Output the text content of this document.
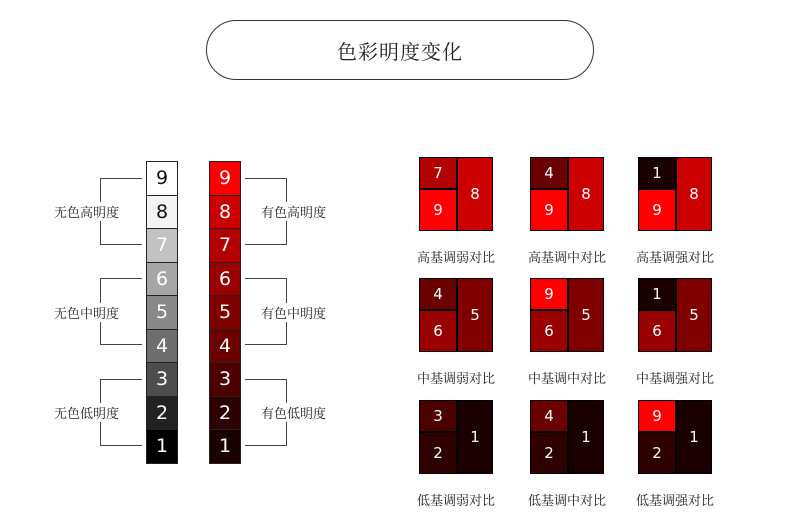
色彩明度变化
1
2
3
4
5
6
7
8
9
无色低明度
无色中明度
无色高明度
1
2
3
4
5
6
7
8
9
有色低明度
有色中明度
有色高明度
7
9
8
高基调弱对比
4
9
8
高基调中对比
1
9
8
高基调强对比
4
6
5
中基调弱对比
9
6
5
中基调中对比
1
6
5
中基调强对比
3
2
1
低基调弱对比
4
2
1
低基调中对比
9
2
1
低基调强对比
